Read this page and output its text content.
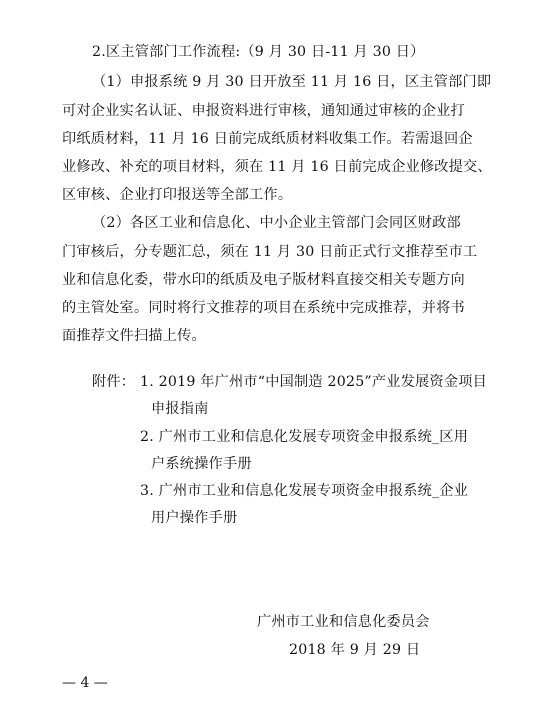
2.区主管部门工作流程:（9 月 30 日-11 月 30 日）
（1）申报系统 9 月 30 日开放至 11 月 16 日，区主管部门即
可对企业实名认证、申报资料进行审核，通知通过审核的企业打
印纸质材料，11 月 16 日前完成纸质材料收集工作。若需退回企
业修改、补充的项目材料，须在 11 月 16 日前完成企业修改提交、
区审核、企业打印报送等全部工作。
（2）各区工业和信息化、中小企业主管部门会同区财政部
门审核后，分专题汇总，须在 11 月 30 日前正式行文推荐至市工
业和信息化委，带水印的纸质及电子版材料直接交相关专题方向
的主管处室。同时将行文推荐的项目在系统中完成推荐，并将书
面推荐文件扫描上传。
附件： 1. 2019 年广州市“中国制造 2025”产业发展资金项目
申报指南
2. 广州市工业和信息化发展专项资金申报系统_区用
户系统操作手册
3. 广州市工业和信息化发展专项资金申报系统_企业
用户操作手册
广州市工业和信息化委员会
2018 年 9 月 29 日
— 4 —
